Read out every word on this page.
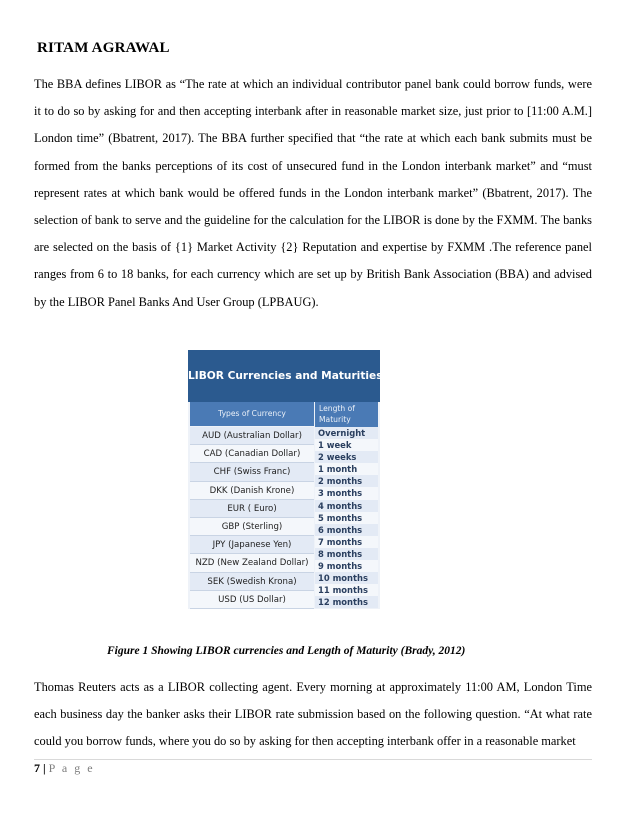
RITAM AGRAWAL
The BBA defines LIBOR as “The rate at which an individual contributor panel bank could borrow funds, were it to do so by asking for and then accepting interbank after in reasonable market size, just prior to [11:00 A.M.] London time” (Bbatrent, 2017). The BBA further specified that “the rate at which each bank submits must be formed from the banks perceptions of its cost of unsecured fund in the London interbank market” and “must represent rates at which bank would be offered funds in the London interbank market” (Bbatrent, 2017). The selection of bank to serve and the guideline for the calculation for the LIBOR is done by the FXMM. The banks are selected on the basis of {1} Market Activity {2} Reputation and expertise by FXMM .The reference panel ranges from 6 to 18 banks, for each currency which are set up by British Bank Association (BBA) and advised by the LIBOR Panel Banks And User Group (LPBAUG).
LIBOR Currencies and Maturities
Types of Currency
Length of
Maturity
AUD (Australian Dollar)
CAD (Canadian Dollar)
CHF (Swiss Franc)
DKK (Danish Krone)
EUR ( Euro)
GBP (Sterling)
JPY (Japanese Yen)
NZD (New Zealand Dollar)
SEK (Swedish Krona)
USD (US Dollar)
Overnight
1 week
2 weeks
1 month
2 months
3 months
4 months
5 months
6 months
7 months
8 months
9 months
10 months
11 months
12 months
Figure 1 Showing LIBOR currencies and Length of Maturity (Brady, 2012)
Thomas Reuters acts as a LIBOR collecting agent. Every morning at approximately 11:00 AM, London Time each business day the banker asks their LIBOR rate submission based on the following question. “At what rate could you borrow funds, where you do so by asking for then accepting interbank offer in a reasonable market
7 | P a g e
